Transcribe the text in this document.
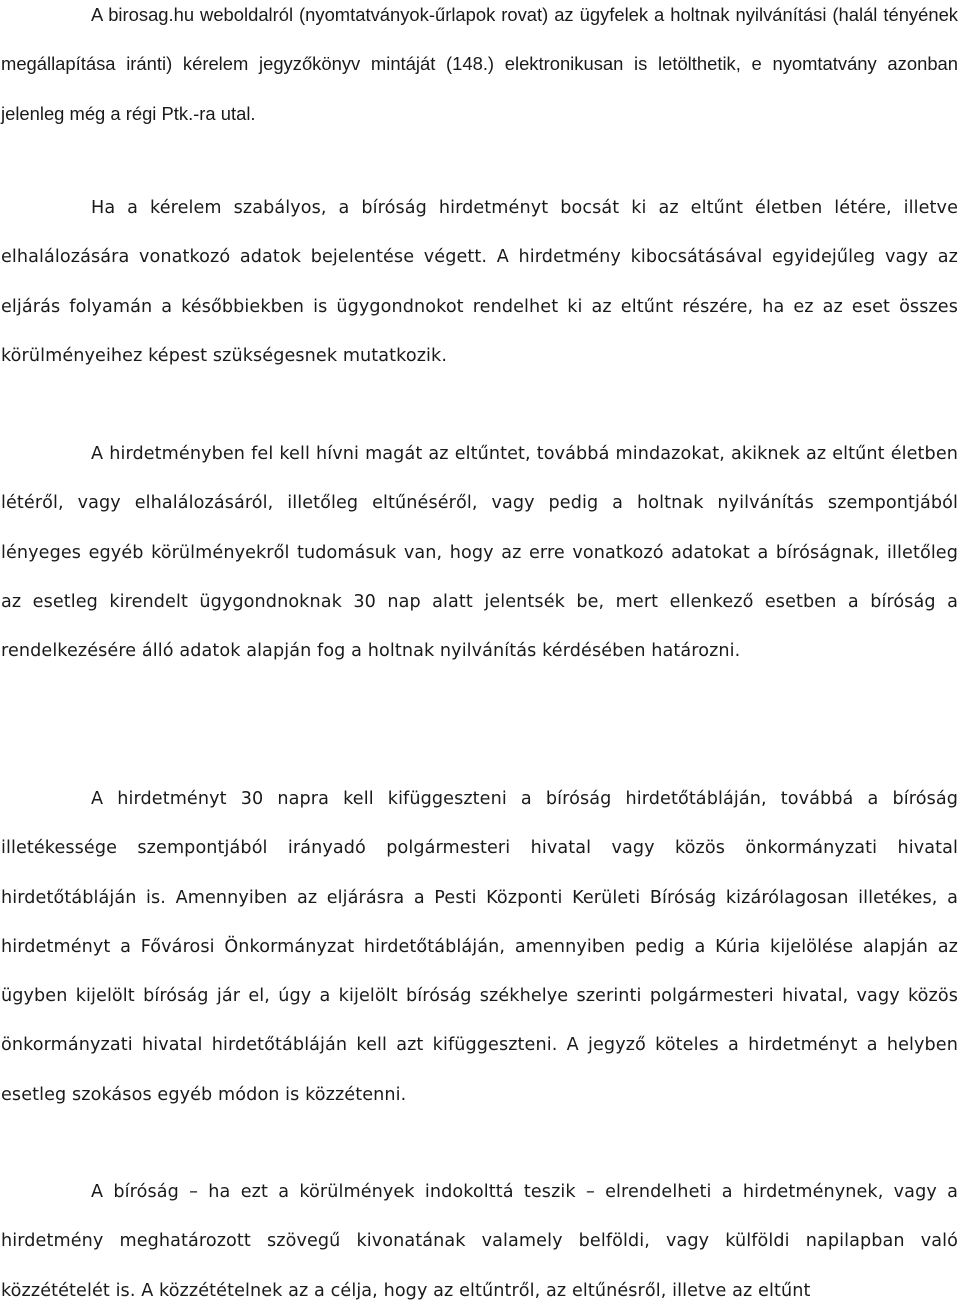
A birosag.hu weboldalról (nyomtatványok-űrlapok rovat) az ügyfelek a holtnak nyilvánítási (halál tényének megállapítása iránti) kérelem jegyzőkönyv mintáját (148.) elektronikusan is letölthetik, e nyomtatvány azonban jelenleg még a régi Ptk.-ra utal.

Ha a kérelem szabályos, a bíróság hirdetményt bocsát ki az eltűnt életben létére, illetve elhalálozására vonatkozó adatok bejelentése végett. A hirdetmény kibocsátásával egyidejűleg vagy az eljárás folyamán a későbbiekben is ügygondnokot rendelhet ki az eltűnt részére, ha ez az eset összes körülményeihez képest szükségesnek mutatkozik.

A hirdetményben fel kell hívni magát az eltűntet, továbbá mindazokat, akiknek az eltűnt életben létéről, vagy elhalálozásáról, illetőleg eltűnéséről, vagy pedig a holtnak nyilvánítás szempontjából lényeges egyéb körülményekről tudomásuk van, hogy az erre vonatkozó adatokat a bíróságnak, illetőleg az esetleg kirendelt ügygondnoknak 30 nap alatt jelentsék be, mert ellenkező esetben a bíróság a rendelkezésére álló adatok alapján fog a holtnak nyilvánítás kérdésében határozni.

A hirdetményt 30 napra kell kifüggeszteni a bíróság hirdetőtábláján, továbbá a bíróság illetékessége szempontjából irányadó polgármesteri hivatal vagy közös önkormányzati hivatal hirdetőtábláján is. Amennyiben az eljárásra a Pesti Központi Kerületi Bíróság kizárólagosan illetékes, a hirdetményt a Fővárosi Önkormányzat hirdetőtábláján, amennyiben pedig a Kúria kijelölése alapján az ügyben kijelölt bíróság jár el, úgy a kijelölt bíróság székhelye szerinti polgármesteri hivatal, vagy közös önkormányzati hivatal hirdetőtábláján kell azt kifüggeszteni. A jegyző köteles a hirdetményt a helyben esetleg szokásos egyéb módon is közzétenni.

A bíróság – ha ezt a körülmények indokolttá teszik – elrendelheti a hirdetménynek, vagy a hirdetmény meghatározott szövegű kivonatának valamely belföldi, vagy külföldi napilapban való közzétételét is. A közzétételnek az a célja, hogy az eltűntről, az eltűnésről, illetve az eltűnt
